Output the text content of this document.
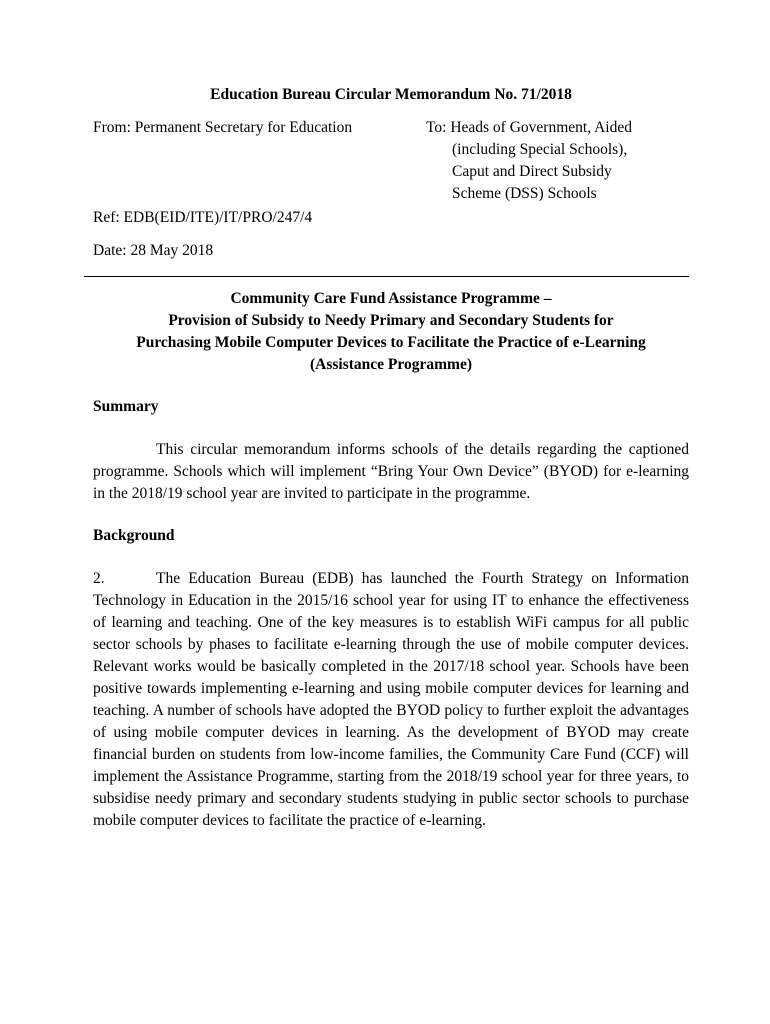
Education Bureau Circular Memorandum No. 71/2018
From: Permanent Secretary for Education	To: Heads of Government, Aided
(including Special Schools),
Caput and Direct Subsidy
Scheme (DSS) Schools
Ref: EDB(EID/ITE)/IT/PRO/247/4
Date: 28 May 2018
Community Care Fund Assistance Programme –
Provision of Subsidy to Needy Primary and Secondary Students for
Purchasing Mobile Computer Devices to Facilitate the Practice of e-Learning
(Assistance Programme)
Summary
This circular memorandum informs schools of the details regarding the captioned programme. Schools which will implement “Bring Your Own Device” (BYOD) for e-learning in the 2018/19 school year are invited to participate in the programme.
Background
2.	The Education Bureau (EDB) has launched the Fourth Strategy on Information Technology in Education in the 2015/16 school year for using IT to enhance the effectiveness of learning and teaching. One of the key measures is to establish WiFi campus for all public sector schools by phases to facilitate e-learning through the use of mobile computer devices. Relevant works would be basically completed in the 2017/18 school year. Schools have been positive towards implementing e-learning and using mobile computer devices for learning and teaching. A number of schools have adopted the BYOD policy to further exploit the advantages of using mobile computer devices in learning. As the development of BYOD may create financial burden on students from low-income families, the Community Care Fund (CCF) will implement the Assistance Programme, starting from the 2018/19 school year for three years, to subsidise needy primary and secondary students studying in public sector schools to purchase mobile computer devices to facilitate the practice of e-learning.
